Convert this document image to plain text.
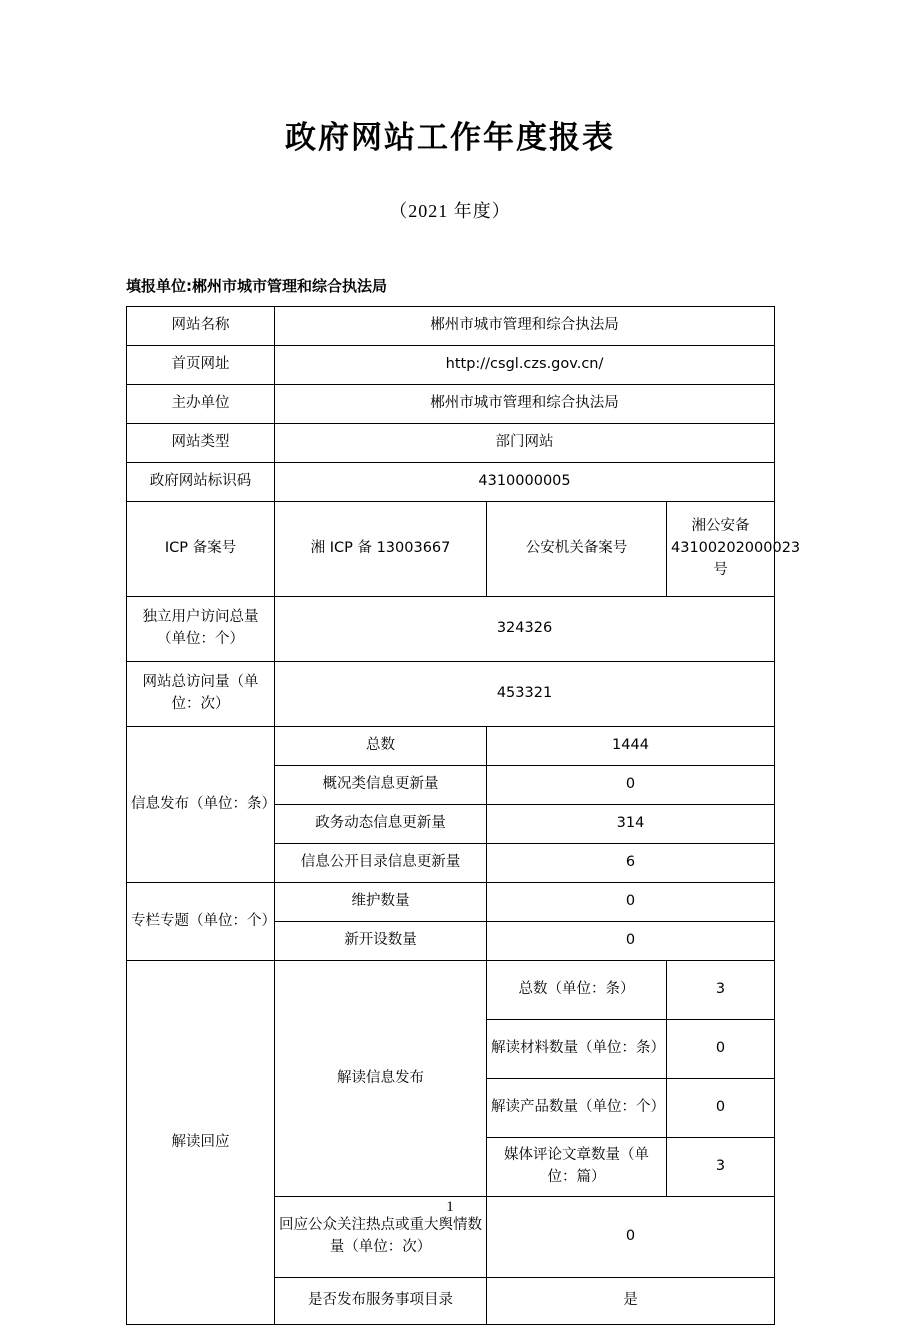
政府网站工作年度报表
（2021 年度）
填报单位:郴州市城市管理和综合执法局
网站名称	郴州市城市管理和综合执法局		
首页网址	http://csgl.czs.gov.cn/		
主办单位	郴州市城市管理和综合执法局		
网站类型	部门网站		
政府网站标识码	4310000005		
ICP 备案号	湘 ICP 备 13003667	公安机关备案号	湘公安备 43100202000023 号
独立用户访问总量（单位：个）	324326		
网站总访问量（单位：次）	453321		
信息发布（单位：条）	总数	1444	
	概况类信息更新量	0	
	政务动态信息更新量	314	
	信息公开目录信息更新量	6	
专栏专题（单位：个）	维护数量	0	
	新开设数量	0	
解读回应	解读信息发布	总数（单位：条）	3
		解读材料数量（单位：条）	0
		解读产品数量（单位：个）	0
		媒体评论文章数量（单位：篇）	3
	回应公众关注热点或重大舆情数量（单位：次）	0	
	是否发布服务事项目录	是	
1
